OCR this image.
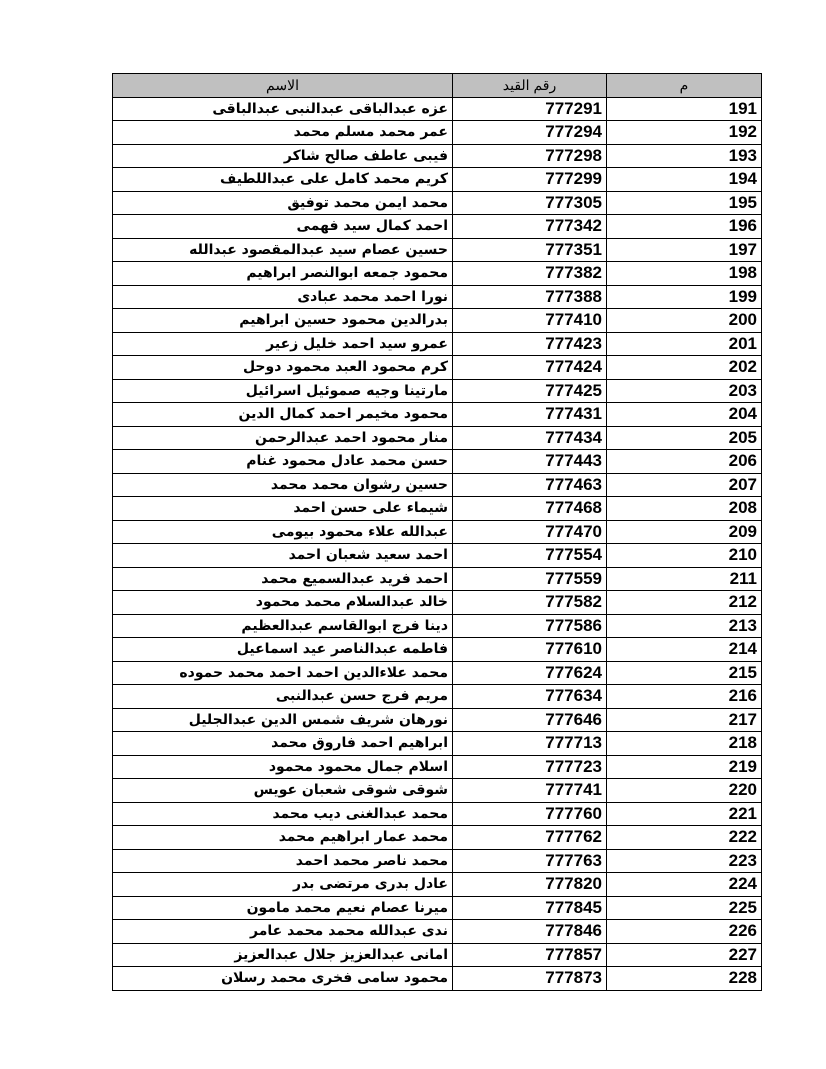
الاسم	رقم القيد	م
عزه عبدالباقى عبدالنبى عبدالباقى	777291	191
عمر محمد مسلم محمد	777294	192
فيبى عاطف صالح شاكر	777298	193
كريم محمد كامل على عبداللطيف	777299	194
محمد ايمن محمد توفيق	777305	195
احمد كمال سيد فهمى	777342	196
حسين عصام سيد عبدالمقصود عبدالله	777351	197
محمود جمعه ابوالنصر ابراهيم	777382	198
نورا احمد محمد عبادى	777388	199
بدرالدين محمود حسين ابراهيم	777410	200
عمرو سيد احمد خليل زعير	777423	201
كرم محمود العبد محمود دوحل	777424	202
مارتينا وجيه صموئيل اسرائيل	777425	203
محمود مخيمر احمد كمال الدين	777431	204
منار محمود احمد عبدالرحمن	777434	205
حسن محمد عادل محمود غنام	777443	206
حسين رشوان محمد محمد	777463	207
شيماء على حسن احمد	777468	208
عبدالله علاء محمود بيومى	777470	209
احمد سعيد شعبان احمد	777554	210
احمد فريد عبدالسميع محمد	777559	211
خالد عبدالسلام محمد محمود	777582	212
دينا فرج ابوالقاسم عبدالعظيم	777586	213
فاطمه عبدالناصر عيد اسماعيل	777610	214
محمد علاءالدين احمد احمد محمد حموده	777624	215
مريم فرج حسن عبدالنبى	777634	216
نورهان شريف شمس الدين عبدالجليل	777646	217
ابراهيم احمد فاروق محمد	777713	218
اسلام جمال محمود محمود	777723	219
شوقى شوقى شعبان عويس	777741	220
محمد عبدالغنى ديب محمد	777760	221
محمد عمار ابراهيم محمد	777762	222
محمد ناصر محمد احمد	777763	223
عادل بدرى مرتضى بدر	777820	224
ميرنا عصام نعيم محمد مامون	777845	225
ندى عبدالله محمد محمد عامر	777846	226
امانى عبدالعزيز جلال عبدالعزيز	777857	227
محمود سامى فخرى محمد رسلان	777873	228
